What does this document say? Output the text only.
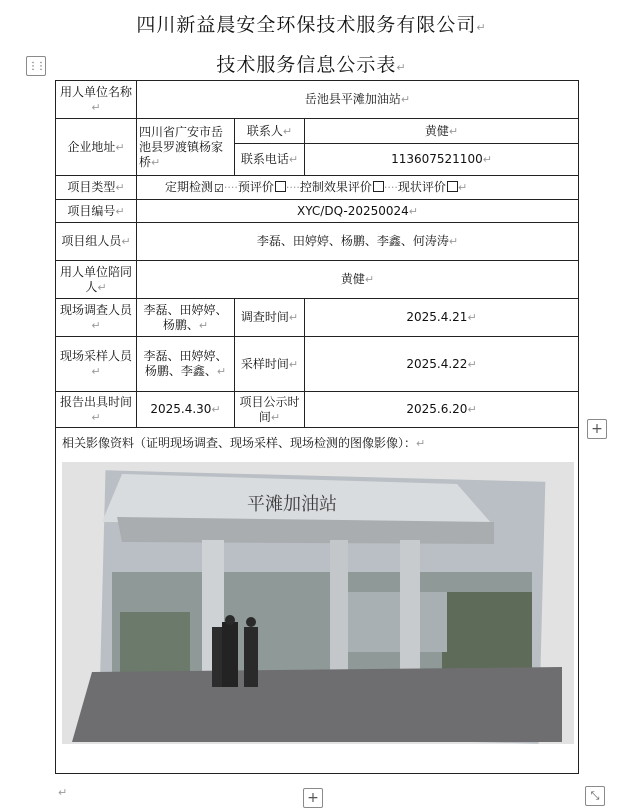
四川新益晨安全环保技术服务有限公司↵
⋮⋮	技术服务信息公示表↵
用人单位名称↵	岳池县平滩加油站↵		
企业地址↵	四川省广安市岳池县罗渡镇杨家桥↵	联系人↵	黄健↵
		联系电话↵	113607521100↵
项目类型↵	定期检测☑····预评价 ····控制效果评价 ····现状评价 ↵		
项目编号↵	XYC/DQ-20250024↵		
项目组人员↵	李磊、田婷婷、杨鹏、李鑫、何涛涛↵		
用人单位陪同人↵	黄健↵		
现场调查人员↵	李磊、田婷婷、杨鹏、↵	调查时间↵	2025.4.21↵
现场采样人员↵	李磊、田婷婷、杨鹏、李鑫、↵	采样时间↵	2025.4.22↵
报告出具时间↵	2025.4.30↵	项目公示时间↵	2025.6.20↵

相关影像资料（证明现场调查、现场采样、现场检测的图像影像）：↵
平滩加油站			
+
+	⤡
↵
